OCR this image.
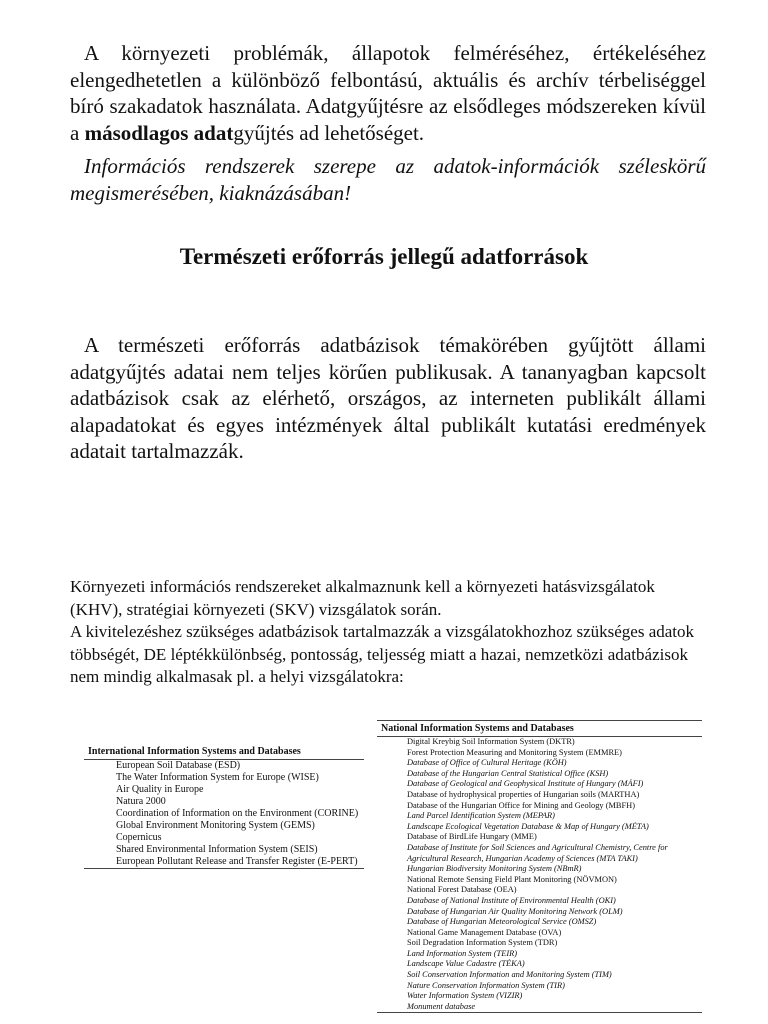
A környezeti problémák, állapotok felméréséhez, értékeléséhez elengedhetetlen a különböző felbontású, aktuális és archív térbeliséggel bíró szakadatok használata. Adatgyűjtésre az elsődleges módszereken kívül a másodlagos adatgyűjtés ad lehetőséget.

Információs rendszerek szerepe az adatok-információk széleskörű megismerésében, kiaknázásában!

Természeti erőforrás jellegű adatforrások

A természeti erőforrás adatbázisok témakörében gyűjtött állami adatgyűjtés adatai nem teljes körűen publikusak. A tananyagban kapcsolt adatbázisok csak az elérhető, országos, az interneten publikált állami alapadatokat és egyes intézmények által publikált kutatási eredmények adatait tartalmazzák.

Környezeti információs rendszereket alkalmaznunk kell a környezeti hatásvizsgálatok (KHV), stratégiai környezeti (SKV) vizsgálatok során.
A kivitelezéshez szükséges adatbázisok tartalmazzák a vizsgálatokhozhoz szükséges adatok többségét, DE léptékkülönbség, pontosság, teljesség miatt a hazai, nemzetközi adatbázisok nem mindig alkalmasak pl. a helyi vizsgálatokra:
International Information Systems and Databases
European Soil Database (ESD)
The Water Information System for Europe (WISE)
Air Quality in Europe
Natura 2000
Coordination of Information on the Environment (CORINE)
Global Environment Monitoring System (GEMS)
Copernicus
Shared Environmental Information System (SEIS)
European Pollutant Release and Transfer Register (E-PERT)
National Information Systems and Databases
Digital Kreybig Soil Information System (DKTR)
Forest Protection Measuring and Monitoring System (EMMRE)
Database of Office of Cultural Heritage (KÖH)
Database of the Hungarian Central Statistical Office (KSH)
Database of Geological and Geophysical Institute of Hungary (MÁFI)
Database of hydrophysical properties of Hungarian soils (MARTHA)
Database of the Hungarian Office for Mining and Geology (MBFH)
Land Parcel Identification System (MEPAR)
Landscape Ecological Vegetation Database & Map of Hungary (MÉTA)
Database of BirdLife Hungary (MME)
Database of Institute for Soil Sciences and Agricultural Chemistry, Centre for Agricultural Research, Hungarian Academy of Sciences (MTA TAKI)
Hungarian Biodiversity Monitoring System (NBmR)
National Remote Sensing Field Plant Monitoring (NÖVMON)
National Forest Database (OEA)
Database of National Institute of Environmental Health (OKI)
Database of Hungarian Air Quality Monitoring Network (OLM)
Database of Hungarian Meteorological Service (OMSZ)
National Game Management Database (OVA)
Soil Degradation Information System (TDR)
Land Information System (TEIR)
Landscape Value Cadastre (TÉKA)
Soil Conservation Information and Monitoring System (TIM)
Nature Conservation Information System (TIR)
Water Information System (VIZIR)
Monument database
